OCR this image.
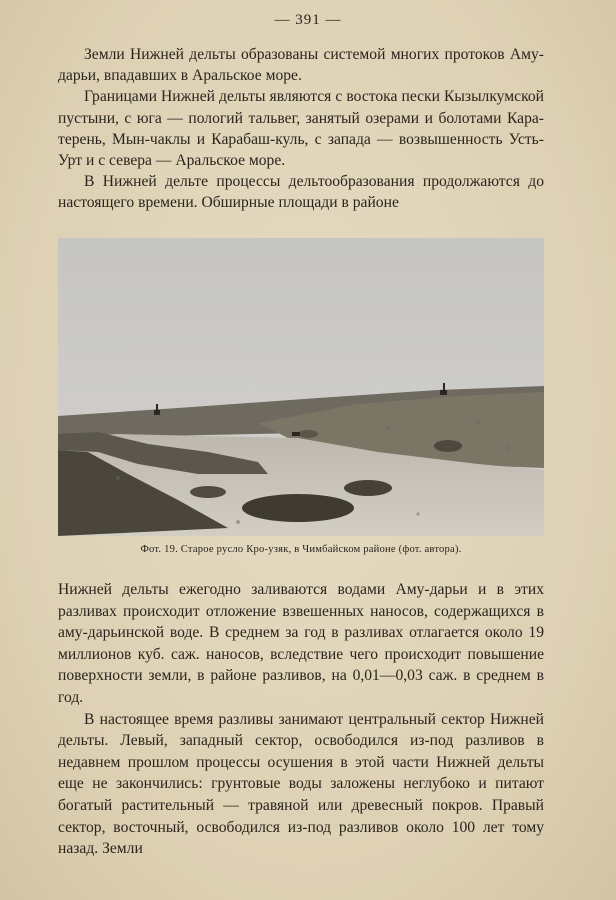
— 391 —

Земли Нижней дельты образованы системой многих протоков Аму-дарьи, впадавших в Аральское море.

Границами Нижней дельты являются с востока пески Кызылкумской пустыни, с юга — пологий тальвег, занятый озерами и болотами Кара-терень, Мын-чаклы и Карабаш-куль, с запада — возвышенность Усть-Урт и с севера — Аральское море.

В Нижней дельте процессы дельтообразования продолжаются до настоящего времени. Обширные площади в районе

Фот. 19. Старое русло Кро-узяк, в Чимбайском районе (фот. автора).

Нижней дельты ежегодно заливаются водами Аму-дарьи и в этих разливах происходит отложение взвешенных наносов, содержащихся в аму-дарьинской воде. В среднем за год в разливах отлагается около 19 миллионов куб. саж. наносов, вследствие чего происходит повышение поверхности земли, в районе разливов, на 0,01—0,03 саж. в среднем в год.

В настоящее время разливы занимают центральный сектор Нижней дельты. Левый, западный сектор, освободился из-под разливов в недавнем прошлом процессы осушения в этой части Нижней дельты еще не закончились: грунтовые воды заложены неглубоко и питают богатый растительный — травяной или древесный покров. Правый сектор, восточный, освободился из-под разливов около 100 лет тому назад. Земли
